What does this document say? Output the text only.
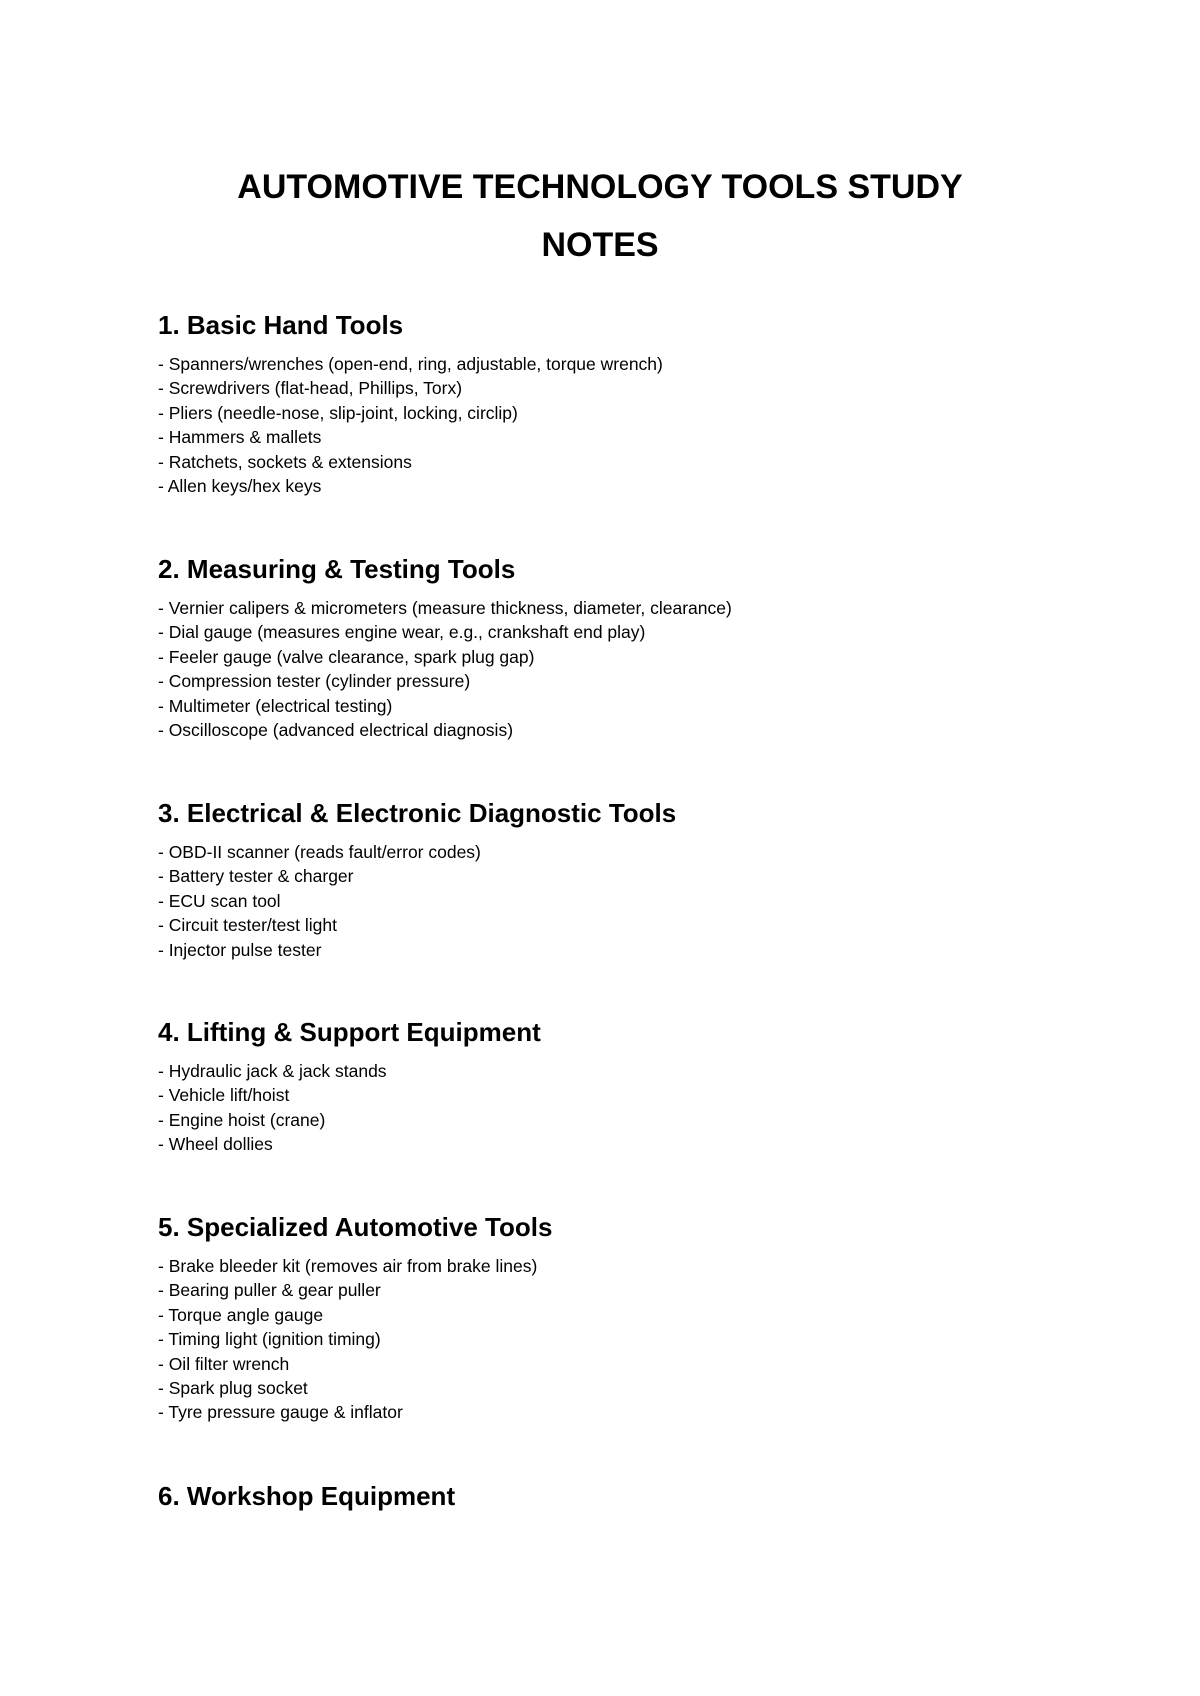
AUTOMOTIVE TECHNOLOGY TOOLS STUDY
NOTES
1. Basic Hand Tools
- Spanners/wrenches (open-end, ring, adjustable, torque wrench)
- Screwdrivers (flat-head, Phillips, Torx)
- Pliers (needle-nose, slip-joint, locking, circlip)
- Hammers & mallets
- Ratchets, sockets & extensions
- Allen keys/hex keys
2. Measuring & Testing Tools
- Vernier calipers & micrometers (measure thickness, diameter, clearance)
- Dial gauge (measures engine wear, e.g., crankshaft end play)
- Feeler gauge (valve clearance, spark plug gap)
- Compression tester (cylinder pressure)
- Multimeter (electrical testing)
- Oscilloscope (advanced electrical diagnosis)
3. Electrical & Electronic Diagnostic Tools
- OBD-II scanner (reads fault/error codes)
- Battery tester & charger
- ECU scan tool
- Circuit tester/test light
- Injector pulse tester
4. Lifting & Support Equipment
- Hydraulic jack & jack stands
- Vehicle lift/hoist
- Engine hoist (crane)
- Wheel dollies
5. Specialized Automotive Tools
- Brake bleeder kit (removes air from brake lines)
- Bearing puller & gear puller
- Torque angle gauge
- Timing light (ignition timing)
- Oil filter wrench
- Spark plug socket
- Tyre pressure gauge & inflator
6. Workshop Equipment
